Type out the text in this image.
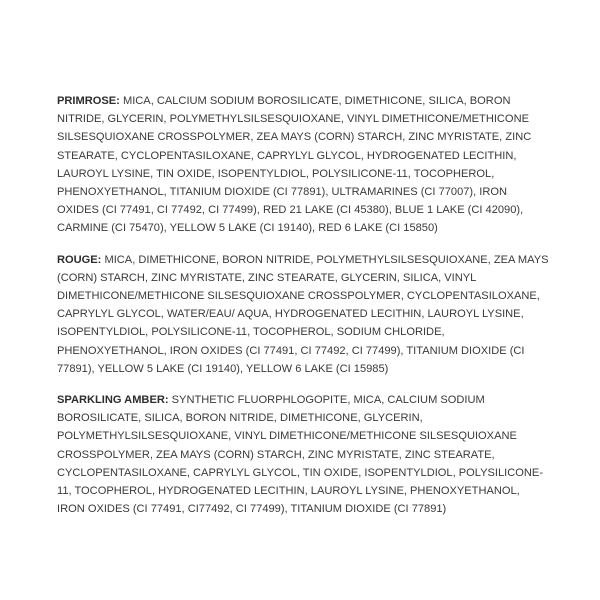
PRIMROSE: MICA, CALCIUM SODIUM BOROSILICATE, DIMETHICONE, SILICA, BORON NITRIDE, GLYCERIN, POLYMETHYLSILSESQUIOXANE, VINYL DIMETHICONE/METHICONE SILSESQUIOXANE CROSSPOLYMER, ZEA MAYS (CORN) STARCH, ZINC MYRISTATE, ZINC STEARATE, CYCLOPENTASILOXANE, CAPRYLYL GLYCOL, HYDROGENATED LECITHIN, LAUROYL LYSINE, TIN OXIDE, ISOPENTYLDIOL, POLYSILICONE-11, TOCOPHEROL, PHENOXYETHANOL, TITANIUM DIOXIDE (CI 77891), ULTRAMARINES (CI 77007), IRON OXIDES (CI 77491, CI 77492, CI 77499), RED 21 LAKE (CI 45380), BLUE 1 LAKE (CI 42090), CARMINE (CI 75470), YELLOW 5 LAKE (CI 19140), RED 6 LAKE (CI 15850)

ROUGE: MICA, DIMETHICONE, BORON NITRIDE, POLYMETHYLSILSESQUIOXANE, ZEA MAYS (CORN) STARCH, ZINC MYRISTATE, ZINC STEARATE, GLYCERIN, SILICA, VINYL DIMETHICONE/METHICONE SILSESQUIOXANE CROSSPOLYMER, CYCLOPENTASILOXANE, CAPRYLYL GLYCOL, WATER/EAU/ AQUA, HYDROGENATED LECITHIN, LAUROYL LYSINE, ISOPENTYLDIOL, POLYSILICONE-11, TOCOPHEROL, SODIUM CHLORIDE, PHENOXYETHANOL, IRON OXIDES (CI 77491, CI 77492, CI 77499), TITANIUM DIOXIDE (CI 77891), YELLOW 5 LAKE (CI 19140), YELLOW 6 LAKE (CI 15985)

SPARKLING AMBER: SYNTHETIC FLUORPHLOGOPITE, MICA, CALCIUM SODIUM BOROSILICATE, SILICA, BORON NITRIDE, DIMETHICONE, GLYCERIN, POLYMETHYLSILSESQUIOXANE, VINYL DIMETHICONE/METHICONE SILSESQUIOXANE CROSSPOLYMER, ZEA MAYS (CORN) STARCH, ZINC MYRISTATE, ZINC STEARATE, CYCLOPENTASILOXANE, CAPRYLYL GLYCOL, TIN OXIDE, ISOPENTYLDIOL, POLYSILICONE-11, TOCOPHEROL, HYDROGENATED LECITHIN, LAUROYL LYSINE, PHENOXYETHANOL, IRON OXIDES (CI 77491, CI77492, CI 77499), TITANIUM DIOXIDE (CI 77891)
